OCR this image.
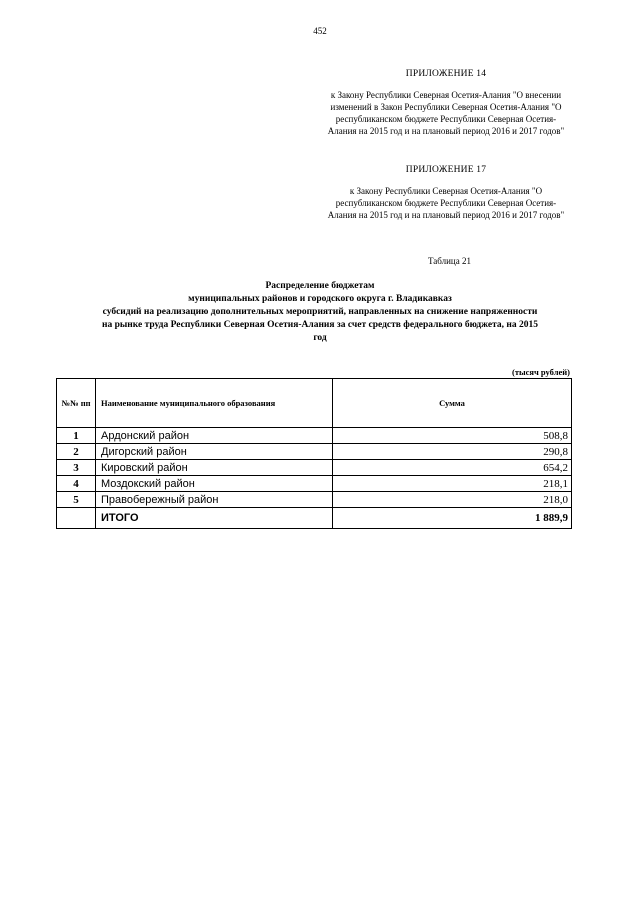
452
ПРИЛОЖЕНИЕ 14
к Закону Республики Северная Осетия-Алания "О внесении изменений в Закон Республики Северная Осетия-Алания "О республиканском бюджете Республики Северная Осетия-Алания на 2015 год и на плановый период 2016 и 2017 годов"
ПРИЛОЖЕНИЕ 17
к Закону Республики Северная Осетия-Алания "О республиканском бюджете Республики Северная Осетия-Алания на 2015 год и на плановый период 2016 и 2017 годов"
Таблица 21
Распределение бюджетам
муниципальных районов и городского округа г. Владикавказ
субсидий на реализацию дополнительных мероприятий, направленных на снижение напряженности
на рынке труда Республики Северная Осетия-Алания за счет средств федерального бюджета, на 2015
год
(тысяч рублей)
№№ пп	Наименование муниципального образования	Сумма
1	Ардонский район	508,8
2	Дигорский район	290,8
3	Кировский район	654,2
4	Моздокский район	218,1
5	Правобережный район	218,0
	ИТОГО	1 889,9
